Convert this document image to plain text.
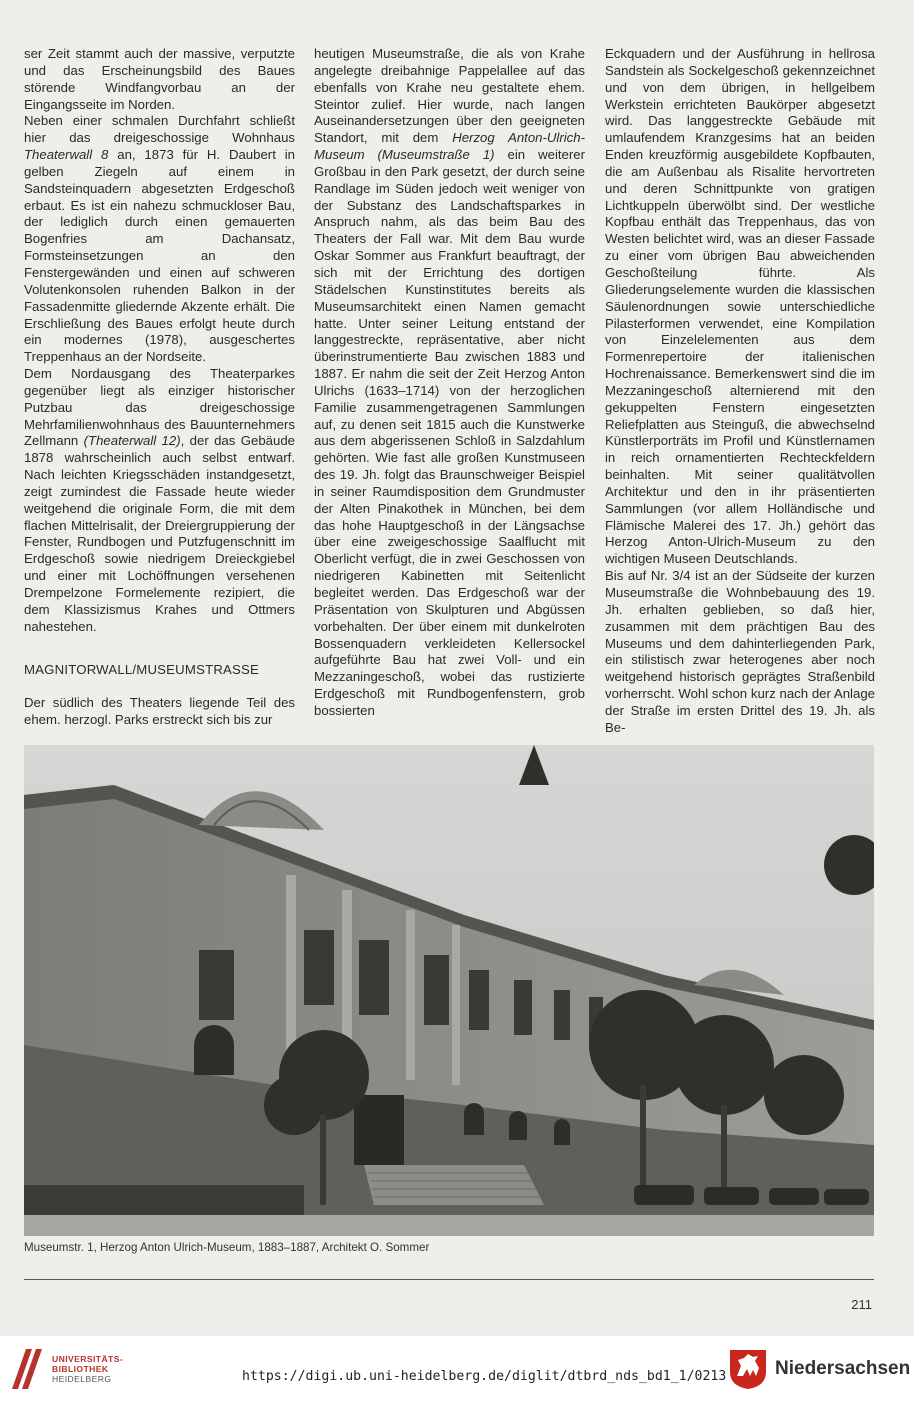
ser Zeit stammt auch der massive, verputzte und das Erscheinungsbild des Baues störende Windfangvorbau an der Eingangsseite im Norden.

Neben einer schmalen Durchfahrt schließt hier das dreigeschossige Wohnhaus Theaterwall 8 an, 1873 für H. Daubert in gelben Ziegeln auf einem in Sandsteinquadern abgesetzten Erdgeschoß erbaut. Es ist ein nahezu schmuckloser Bau, der lediglich durch einen gemauerten Bogenfries am Dachansatz, Formsteinsetzungen an den Fenstergewänden und einen auf schweren Volutenkonsolen ruhenden Balkon in der Fassadenmitte gliedernde Akzente erhält. Die Erschließung des Baues erfolgt heute durch ein modernes (1978), ausgeschertes Treppenhaus an der Nordseite.

Dem Nordausgang des Theaterparkes gegenüber liegt als einziger historischer Putzbau das dreigeschossige Mehrfamilienwohnhaus des Bauunternehmers Zellmann (Theaterwall 12), der das Gebäude 1878 wahrscheinlich auch selbst entwarf. Nach leichten Kriegsschäden instandgesetzt, zeigt zumindest die Fassade heute wieder weitgehend die originale Form, die mit dem flachen Mittelrisalit, der Dreiergruppierung der Fenster, Rundbogen und Putzfugenschnitt im Erdgeschoß sowie niedrigem Dreieckgiebel und einer mit Lochöffnungen versehenen Drempelzone Formelemente rezipiert, die dem Klassizismus Krahes und Ottmers nahestehen.

MAGNITORWALL/MUSEUMSTRASSE

Der südlich des Theaters liegende Teil des ehem. herzogl. Parks erstreckt sich bis zur

heutigen Museumstraße, die als von Krahe angelegte dreibahnige Pappelallee auf das ebenfalls von Krahe neu gestaltete ehem. Steintor zulief. Hier wurde, nach langen Auseinandersetzungen über den geeigneten Standort, mit dem Herzog Anton-Ulrich-Museum (Museumstraße 1) ein weiterer Großbau in den Park gesetzt, der durch seine Randlage im Süden jedoch weit weniger von der Substanz des Landschaftsparkes in Anspruch nahm, als das beim Bau des Theaters der Fall war. Mit dem Bau wurde Oskar Sommer aus Frankfurt beauftragt, der sich mit der Errichtung des dortigen Städelschen Kunstinstitutes bereits als Museumsarchitekt einen Namen gemacht hatte. Unter seiner Leitung entstand der langgestreckte, repräsentative, aber nicht überinstrumentierte Bau zwischen 1883 und 1887. Er nahm die seit der Zeit Herzog Anton Ulrichs (1633–1714) von der herzoglichen Familie zusammengetragenen Sammlungen auf, zu denen seit 1815 auch die Kunstwerke aus dem abgerissenen Schloß in Salzdahlum gehörten. Wie fast alle großen Kunstmuseen des 19. Jh. folgt das Braunschweiger Beispiel in seiner Raumdisposition dem Grundmuster der Alten Pinakothek in München, bei dem das hohe Hauptgeschoß in der Längsachse über eine zweigeschossige Saalflucht mit Oberlicht verfügt, die in zwei Geschossen von niedrigeren Kabinetten mit Seitenlicht begleitet werden. Das Erdgeschoß war der Präsentation von Skulpturen und Abgüssen vorbehalten. Der über einem mit dunkelroten Bossenquadern verkleideten Kellersockel aufgeführte Bau hat zwei Voll- und ein Mezzaningeschoß, wobei das rustizierte Erdgeschoß mit Rundbogenfenstern, grob bossierten

Eckquadern und der Ausführung in hellrosa Sandstein als Sockelgeschoß gekennzeichnet und von dem übrigen, in hellgelbem Werkstein errichteten Baukörper abgesetzt wird. Das langgestreckte Gebäude mit umlaufendem Kranzgesims hat an beiden Enden kreuzförmig ausgebildete Kopfbauten, die am Außenbau als Risalite hervortreten und deren Schnittpunkte von gratigen Lichtkuppeln überwölbt sind. Der westliche Kopfbau enthält das Treppenhaus, das von Westen belichtet wird, was an dieser Fassade zu einer vom übrigen Bau abweichenden Geschoßteilung führte. Als Gliederungselemente wurden die klassischen Säulenordnungen sowie unterschiedliche Pilasterformen verwendet, eine Kompilation von Einzelelementen aus dem Formenrepertoire der italienischen Hochrenaissance. Bemerkenswert sind die im Mezzaningeschoß alternierend mit den gekuppelten Fenstern eingesetzten Reliefplatten aus Steinguß, die abwechselnd Künstlerporträts im Profil und Künstlernamen in reich ornamentierten Rechteckfeldern beinhalten. Mit seiner qualitätvollen Architektur und den in ihr präsentierten Sammlungen (vor allem Holländische und Flämische Malerei des 17. Jh.) gehört das Herzog Anton-Ulrich-Museum zu den wichtigen Museen Deutschlands.

Bis auf Nr. 3/4 ist an der Südseite der kurzen Museumstraße die Wohnbebauung des 19. Jh. erhalten geblieben, so daß hier, zusammen mit dem prächtigen Bau des Museums und dem dahinterliegenden Park, ein stilistisch zwar heterogenes aber noch weitgehend historisch geprägtes Straßenbild vorherrscht. Wohl schon kurz nach der Anlage der Straße im ersten Drittel des 19. Jh. als Be-

Museumstr. 1, Herzog Anton Ulrich-Museum, 1883–1887, Architekt O. Sommer
211
UNIVERSITÄTS-
BIBLIOTHEK
HEIDELBERG	https://digi.ub.uni-heidelberg.de/diglit/dtbrd_nds_bd1_1/0213	Niedersachsen
